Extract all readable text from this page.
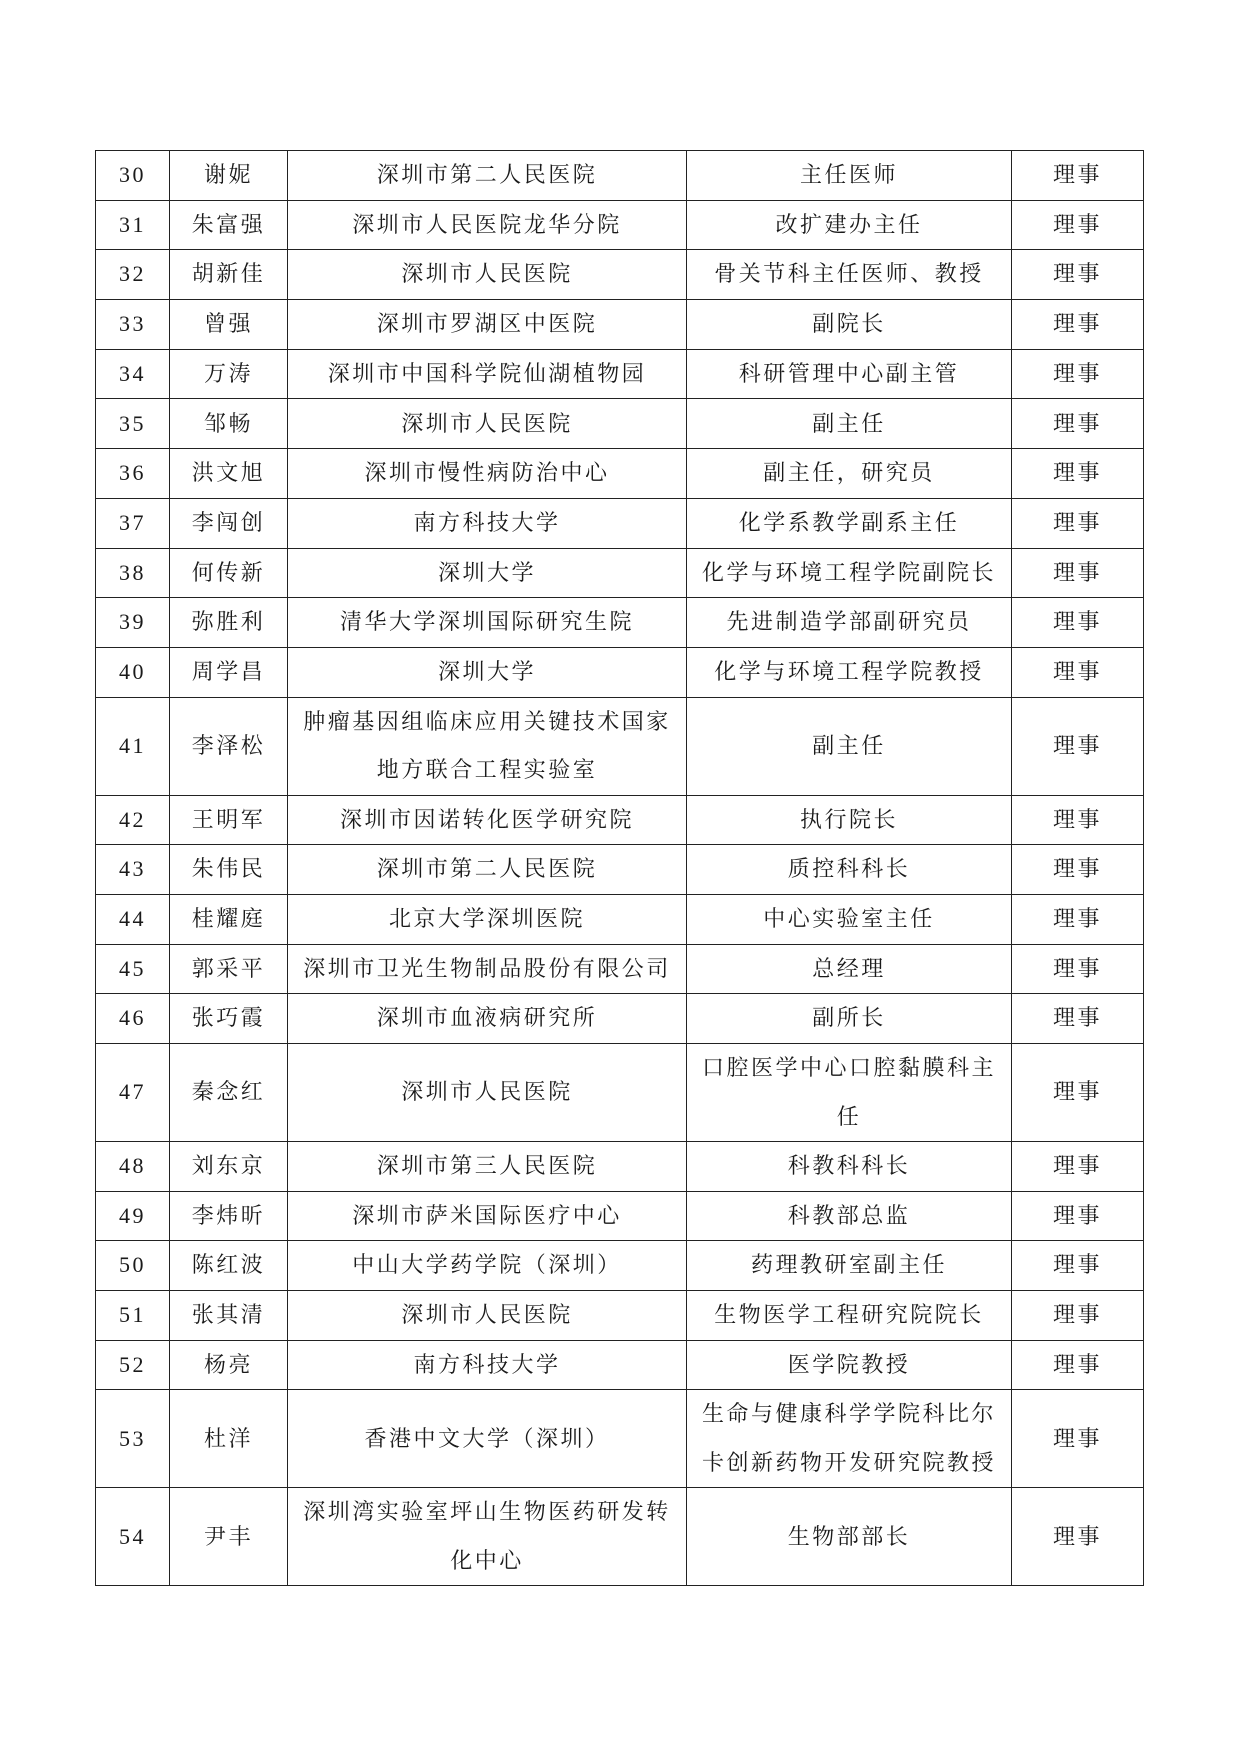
30	谢妮	深圳市第二人民医院	主任医师	理事
31	朱富强	深圳市人民医院龙华分院	改扩建办主任	理事
32	胡新佳	深圳市人民医院	骨关节科主任医师、教授	理事
33	曾强	深圳市罗湖区中医院	副院长	理事
34	万涛	深圳市中国科学院仙湖植物园	科研管理中心副主管	理事
35	邹畅	深圳市人民医院	副主任	理事
36	洪文旭	深圳市慢性病防治中心	副主任，研究员	理事
37	李闯创	南方科技大学	化学系教学副系主任	理事
38	何传新	深圳大学	化学与环境工程学院副院长	理事
39	弥胜利	清华大学深圳国际研究生院	先进制造学部副研究员	理事
40	周学昌	深圳大学	化学与环境工程学院教授	理事
41	李泽松	肿瘤基因组临床应用关键技术国家地方联合工程实验室	副主任	理事
42	王明军	深圳市因诺转化医学研究院	执行院长	理事
43	朱伟民	深圳市第二人民医院	质控科科长	理事
44	桂耀庭	北京大学深圳医院	中心实验室主任	理事
45	郭采平	深圳市卫光生物制品股份有限公司	总经理	理事
46	张巧霞	深圳市血液病研究所	副所长	理事
47	秦念红	深圳市人民医院	口腔医学中心口腔黏膜科主任	理事
48	刘东京	深圳市第三人民医院	科教科科长	理事
49	李炜昕	深圳市萨米国际医疗中心	科教部总监	理事
50	陈红波	中山大学药学院（深圳）	药理教研室副主任	理事
51	张其清	深圳市人民医院	生物医学工程研究院院长	理事
52	杨亮	南方科技大学	医学院教授	理事
53	杜洋	香港中文大学（深圳）	生命与健康科学学院科比尔卡创新药物开发研究院教授	理事
54	尹丰	深圳湾实验室坪山生物医药研发转化中心	生物部部长	理事
